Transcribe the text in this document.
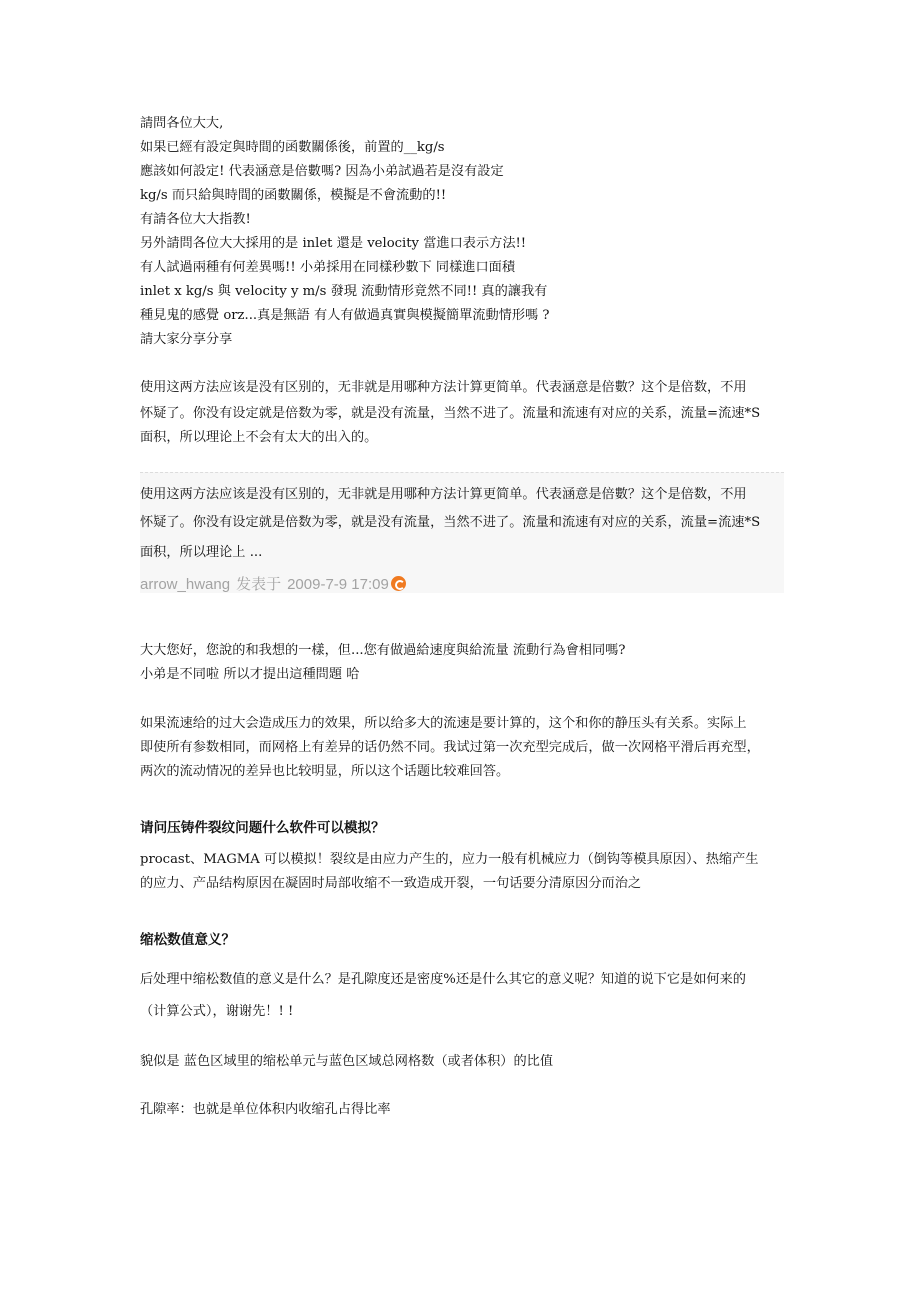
請問各位大大,
如果已經有設定與時間的函數關係後，前置的__kg/s
應該如何設定! 代表涵意是倍數嗎? 因為小弟試過若是沒有設定
kg/s 而只給與時間的函數關係，模擬是不會流動的!!
有請各位大大指教!
另外請問各位大大採用的是 inlet 還是 velocity 當進口表示方法!!
有人試過兩種有何差異嗎!! 小弟採用在同樣秒數下 同樣進口面積
inlet x kg/s 與 velocity y m/s 發現 流動情形竟然不同!! 真的讓我有
種見鬼的感覺 orz...真是無語 有人有做過真實與模擬簡單流動情形嗎 ?
請大家分享分享
使用这两方法应该是没有区别的，无非就是用哪种方法计算更简单。代表涵意是倍數？这个是倍数，不用
怀疑了。你没有设定就是倍数为零，就是没有流量，当然不进了。流量和流速有对应的关系，流量=流速*S
面积，所以理论上不会有太大的出入的。
大大您好，您說的和我想的一樣，但...您有做過給速度與給流量 流動行為會相同嗎?
小弟是不同啦 所以才提出這種問題 哈
如果流速给的过大会造成压力的效果，所以给多大的流速是要计算的，这个和你的静压头有关系。实际上
即使所有参数相同，而网格上有差异的话仍然不同。我试过第一次充型完成后，做一次网格平滑后再充型，
两次的流动情况的差异也比较明显，所以这个话题比较难回答。
请问压铸件裂纹问题什么软件可以模拟？
procast、MAGMA 可以模拟！裂纹是由应力产生的，应力一般有机械应力（倒钩等模具原因）、热缩产生
的应力、产品结构原因在凝固时局部收缩不一致造成开裂，一句话要分清原因分而治之
缩松数值意义？
后处理中缩松数值的意义是什么？是孔隙度还是密度%还是什么其它的意义呢？知道的说下它是如何来的
（计算公式），谢谢先！! !
貌似是 蓝色区域里的缩松单元与蓝色区域总网格数（或者体积）的比值
孔隙率：也就是单位体积内收缩孔占得比率
使用这两方法应该是没有区别的，无非就是用哪种方法计算更简单。代表涵意是倍數？这个是倍数，不用
怀疑了。你没有设定就是倍数为零，就是没有流量，当然不进了。流量和流速有对应的关系，流量=流速*S
面积，所以理论上 ...
arrow_hwang 发表于 2009-7-9 17:09
